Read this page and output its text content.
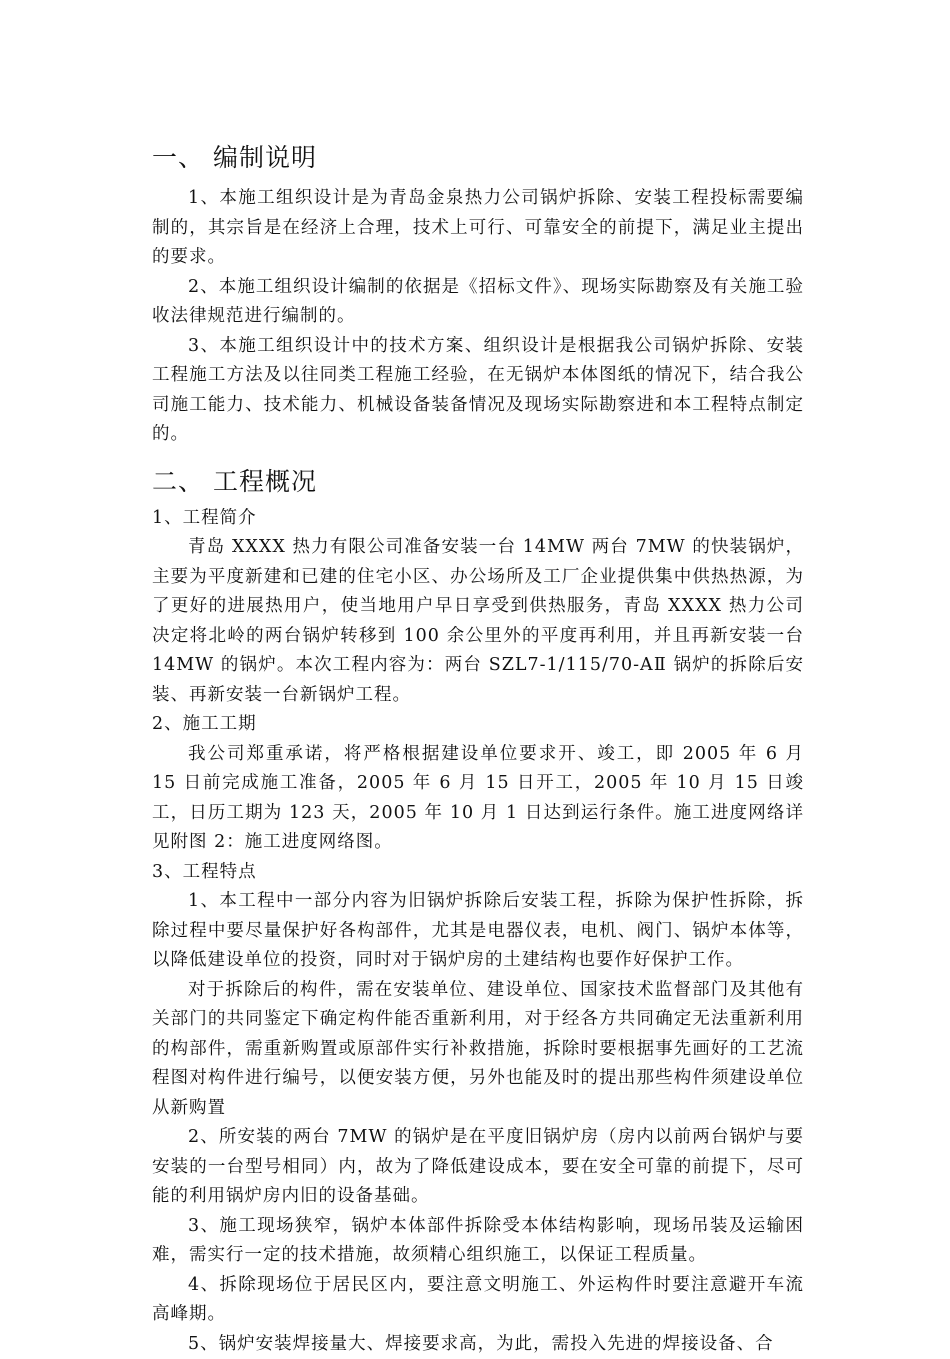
一、 编制说明

1、本施工组织设计是为青岛金泉热力公司锅炉拆除、安装工程投标需要编制的，其宗旨是在经济上合理，技术上可行、可靠安全的前提下，满足业主提出的要求。

2、本施工组织设计编制的依据是《招标文件》、现场实际勘察及有关施工验收法律规范进行编制的。

3、本施工组织设计中的技术方案、组织设计是根据我公司锅炉拆除、安装工程施工方法及以往同类工程施工经验，在无锅炉本体图纸的情况下，结合我公司施工能力、技术能力、机械设备装备情况及现场实际勘察进和本工程特点制定的。

二、 工程概况

1、工程简介

青岛 XXXX 热力有限公司准备安装一台 14MW 两台 7MW 的快装锅炉，主要为平度新建和已建的住宅小区、办公场所及工厂企业提供集中供热热源，为了更好的进展热用户，使当地用户早日享受到供热服务，青岛 XXXX 热力公司决定将北岭的两台锅炉转移到 100 余公里外的平度再利用，并且再新安装一台 14MW 的锅炉。本次工程内容为：两台 SZL7-1/115/70-AⅡ 锅炉的拆除后安装、再新安装一台新锅炉工程。

2、施工工期

我公司郑重承诺，将严格根据建设单位要求开、竣工，即 2005 年 6 月 15 日前完成施工准备，2005 年 6 月 15 日开工，2005 年 10 月 15 日竣工，日历工期为 123 天，2005 年 10 月 1 日达到运行条件。施工进度网络详见附图 2：施工进度网络图。

3、工程特点

1、本工程中一部分内容为旧锅炉拆除后安装工程，拆除为保护性拆除，拆除过程中要尽量保护好各构部件，尤其是电器仪表，电机、阀门、锅炉本体等，以降低建设单位的投资，同时对于锅炉房的土建结构也要作好保护工作。

对于拆除后的构件，需在安装单位、建设单位、国家技术监督部门及其他有关部门的共同鉴定下确定构件能否重新利用，对于经各方共同确定无法重新利用的构部件，需重新购置或原部件实行补救措施，拆除时要根据事先画好的工艺流程图对构件进行编号，以便安装方便，另外也能及时的提出那些构件须建设单位从新购置

2、所安装的两台 7MW 的锅炉是在平度旧锅炉房（房内以前两台锅炉与要安装的一台型号相同）内，故为了降低建设成本，要在安全可靠的前提下，尽可能的利用锅炉房内旧的设备基础。

3、施工现场狭窄，锅炉本体部件拆除受本体结构影响，现场吊装及运输困难，需实行一定的技术措施，故须精心组织施工，以保证工程质量。

4、拆除现场位于居民区内，要注意文明施工、外运构件时要注意避开车流高峰期。

5、锅炉安装焊接量大、焊接要求高，为此，需投入先进的焊接设备、合
